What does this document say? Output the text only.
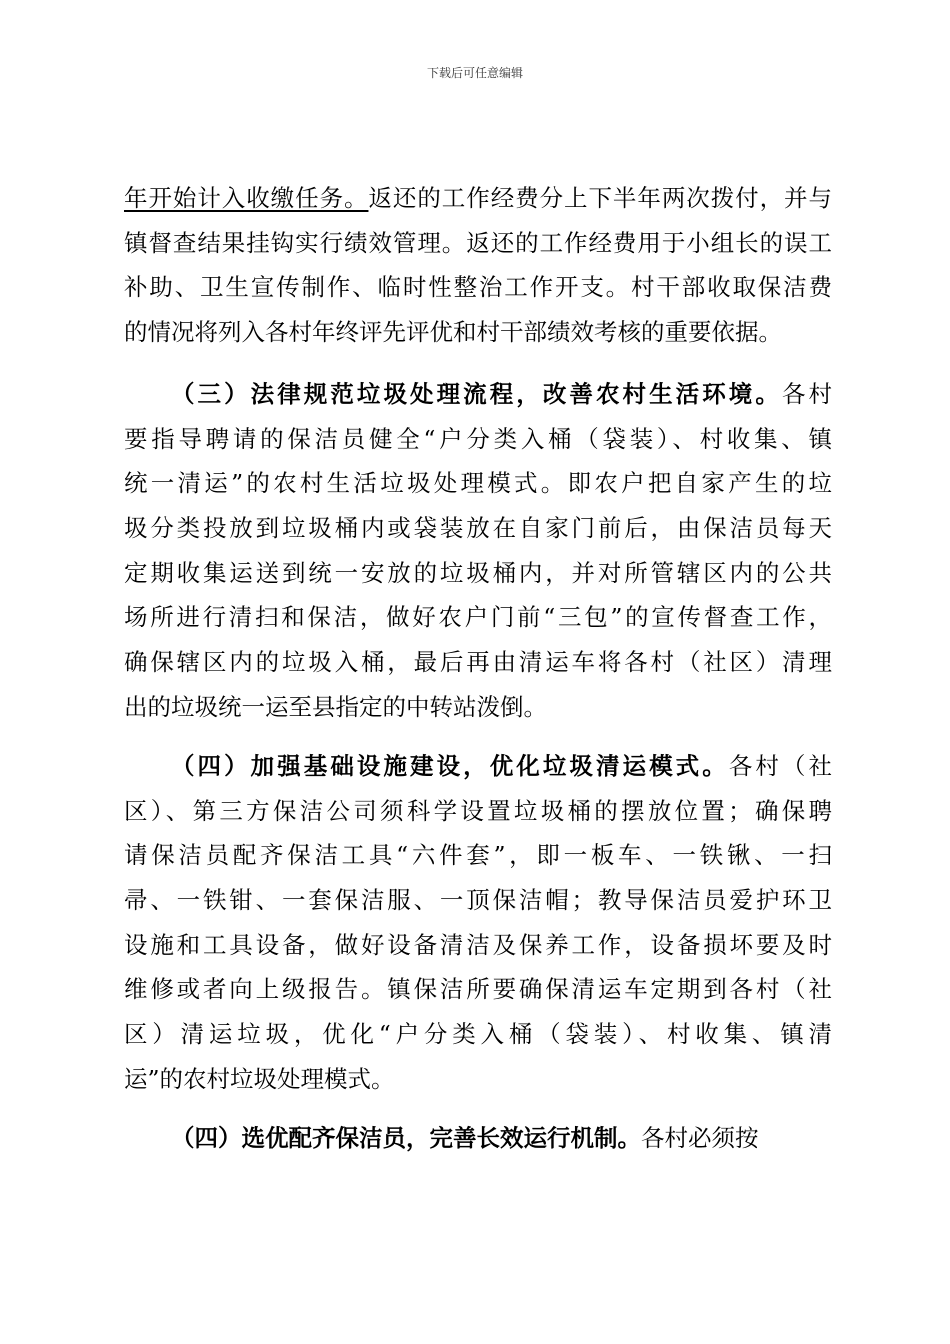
下载后可任意编辑
年开始计入收缴任务。返还的工作经费分上下半年两次拨付，并与
镇督查结果挂钩实行绩效管理。返还的工作经费用于小组长的误工
补助、卫生宣传制作、临时性整治工作开支。村干部收取保洁费
的情况将列入各村年终评先评优和村干部绩效考核的重要依据。
（三）法律规范垃圾处理流程，改善农村生活环境。各村
要指导聘请的保洁员健全“户分类入桶（袋装）、村收集、镇
统一清运”的农村生活垃圾处理模式。即农户把自家产生的垃
圾分类投放到垃圾桶内或袋装放在自家门前后，由保洁员每天
定期收集运送到统一安放的垃圾桶内，并对所管辖区内的公共
场所进行清扫和保洁，做好农户门前“三包”的宣传督查工作，
确保辖区内的垃圾入桶，最后再由清运车将各村（社区）清理
出的垃圾统一运至县指定的中转站泼倒。
（四）加强基础设施建设，优化垃圾清运模式。各村（社
区）、第三方保洁公司须科学设置垃圾桶的摆放位置；确保聘
请保洁员配齐保洁工具“六件套”，即一板车、一铁锹、一扫
帚、一铁钳、一套保洁服、一顶保洁帽；教导保洁员爱护环卫
设施和工具设备，做好设备清洁及保养工作，设备损坏要及时
维修或者向上级报告。镇保洁所要确保清运车定期到各村（社
区）清运垃圾，优化“户分类入桶（袋装）、村收集、镇清
运”的农村垃圾处理模式。
（四）选优配齐保洁员，完善长效运行机制。各村必须按
